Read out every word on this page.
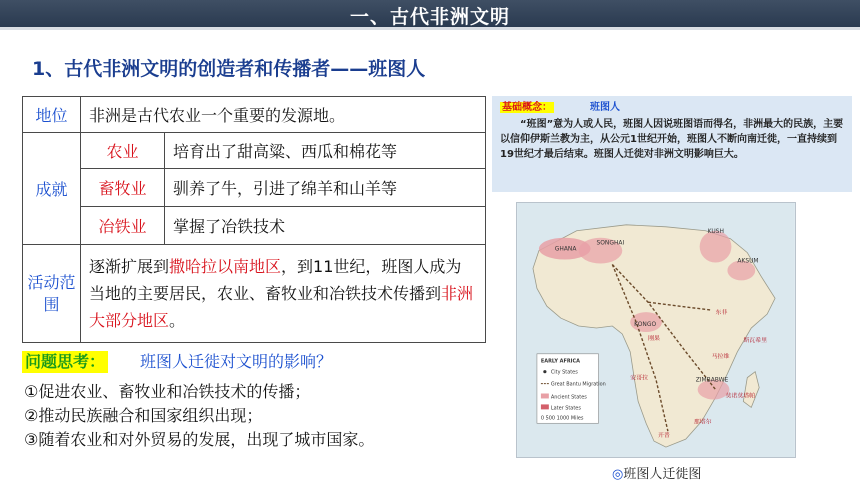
一、古代非洲文明
1、古代非洲文明的创造者和传播者——班图人
地位	非洲是古代农业一个重要的发源地。	
成就	农业	培育出了甜高粱、西瓜和棉花等
	畜牧业	驯养了牛，引进了绵羊和山羊等
	冶铁业	掌握了冶铁技术
活动范围	逐渐扩展到撒哈拉以南地区，到11世纪，班图人成为当地的主要居民，农业、畜牧业和冶铁技术传播到非洲大部分地区。	
问题思考： 班图人迁徙对文明的影响？
①促进农业、畜牧业和冶铁技术的传播；
②推动民族融合和国家组织出现；
③随着农业和对外贸易的发展，出现了城市国家。
基础概念：	班图人
“班图”意为人或人民，班图人因说班图语而得名，非洲最大的民族，主要以信仰伊斯兰教为主，从公元1世纪开始，班图人不断向南迁徙，一直持续到19世纪才最后结束。班图人迁徙对非洲文明影响巨大。
GHANA
SONGHAI
KUSH
AKSUM
KONGO
ZIMBABWE
那塔尔
莫诺莫塔帕
刚果
安哥拉
东非
斯瓦希里
开普
马拉维
EARLY AFRICA
City States
Great Bantu Migration
Ancient States
Later States
0 500 1000 Miles
◎班图人迁徙图
